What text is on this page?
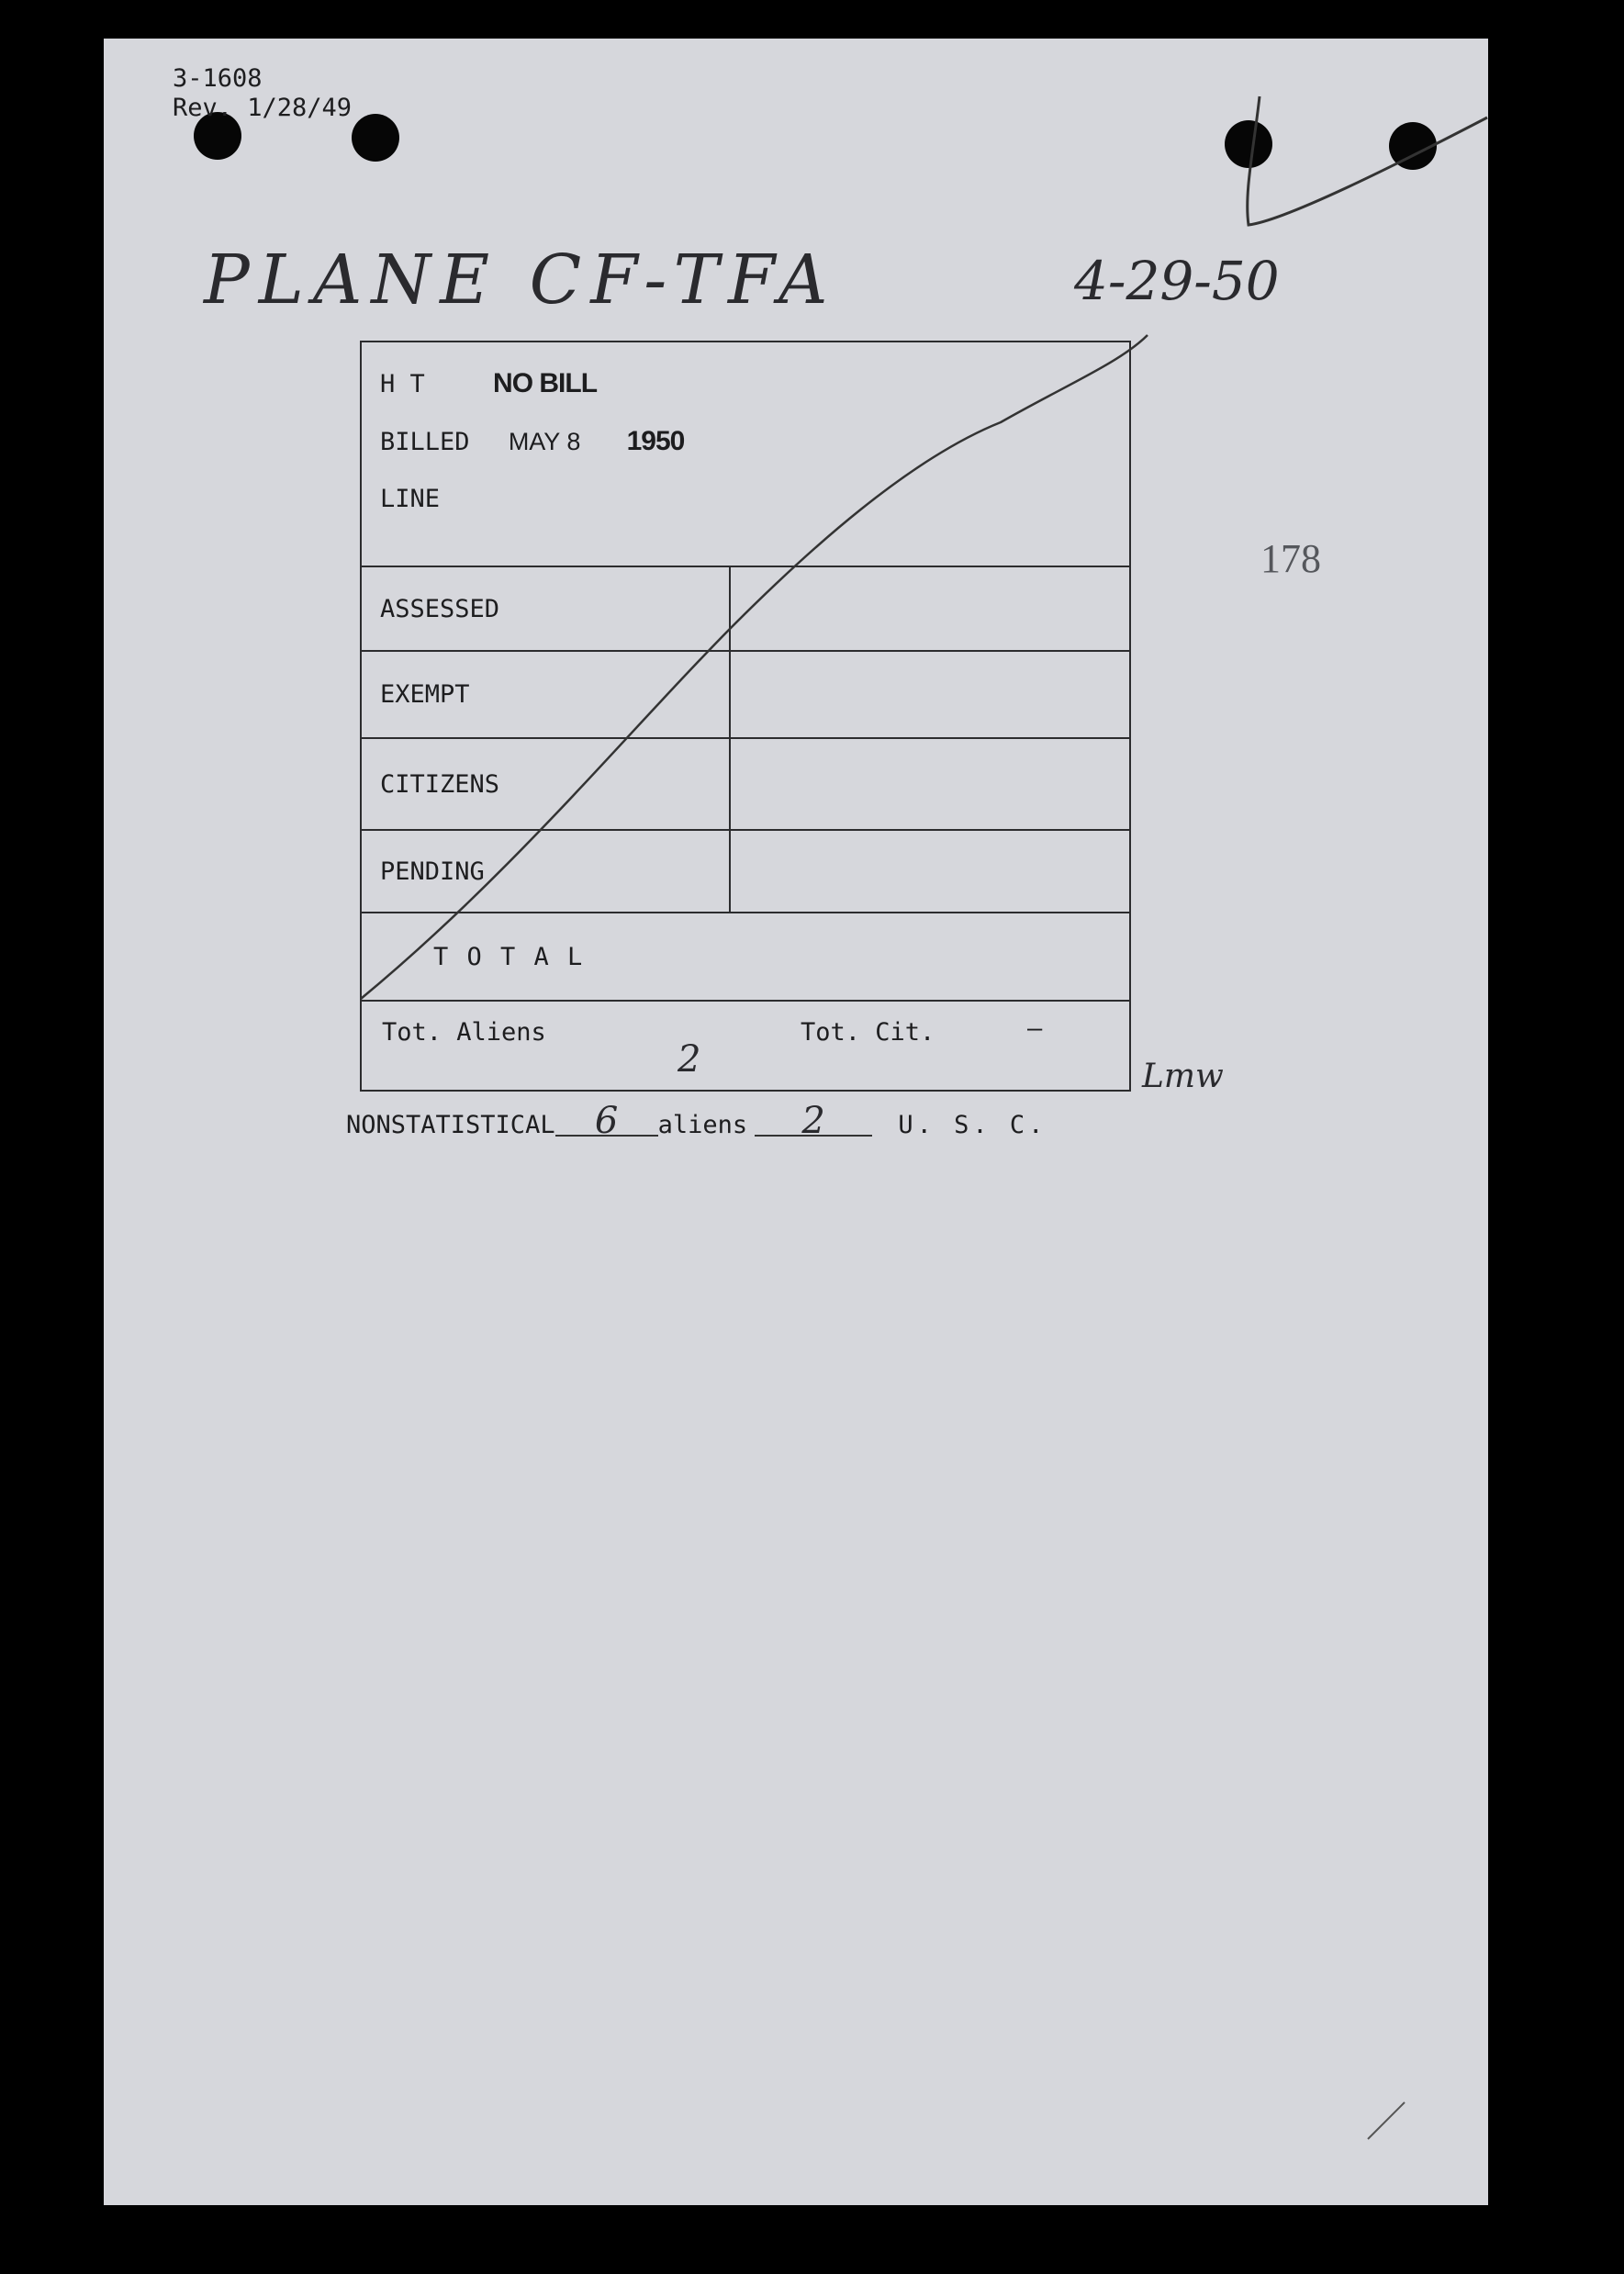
3-1608
Rev. 1/28/49
PLANE CF-TFA	4-29-50
178
H T NO BILL
BILLED MAY 8 1950
LINE	

ASSESSED	
EXEMPT	
CITIZENS	
PENDING	
T O T A L	

Tot. Aliens
2
Tot. Cit. —	
Lmw
NONSTATISTICAL 6 aliens 2	U. S. C.
